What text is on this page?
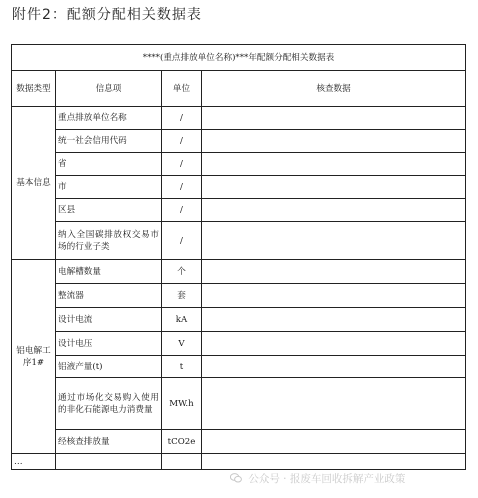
附件2：配额分配相关数据表
****(重点排放单位名称)***年配额分配相关数据表			
数据类型	信息项	单位	核查数据
基本信息	重点排放单位名称	/	
	统一社会信用代码	/	
	省	/	
	市	/	
	区县	/	
	纳入全国碳排放权交易市场的行业子类	/	
铝电解工序1#	电解槽数量	个	
	整流器	套	
	设计电流	kA	
	设计电压	V	
	铝液产量(t)	t	
	通过市场化交易购入使用的非化石能源电力消费量	MW.h	
	经核查排放量	tCO2e	
…			
公众号 · 报废车回收拆解产业政策
